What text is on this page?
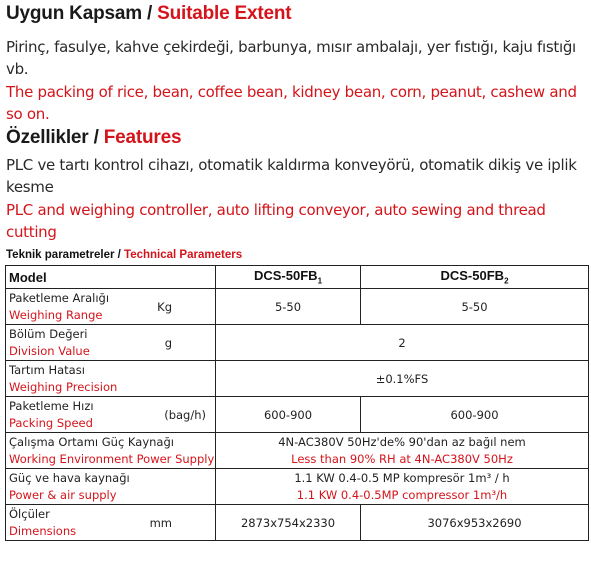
Uygun Kapsam / Suitable Extent
Pirinç, fasulye, kahve çekirdeği, barbunya, mısır ambalajı, yer fıstığı, kaju fıstığı vb.
The packing of rice, bean, coffee bean, kidney bean, corn, peanut, cashew and so on.
Özellikler / Features
PLC ve tartı kontrol cihazı, otomatik kaldırma konveyörü, otomatik dikiş ve iplik kesme
PLC and weighing controller, auto lifting conveyor, auto sewing and thread cutting
Teknik parametreler / Technical Parameters
Model	DCS-$50FB_1$	DCS-$50FB_2$

Paketleme Aralığı
Weighing Range
Kg	5-50	5-50

Bölüm Değeri
Division Value
g	2	

Tartım Hatası
Weighing Precision	±0.1%FS	

Paketleme Hızı
Packing Speed
(bag/h)	600-900	600-900

Çalışma Ortamı Güç Kaynağı
Working Environment Power Supply	4N-AC380V 50Hz'de% 90'dan az bağıl nem
Less than 90% RH at 4N-AC380V 50Hz	

Güç ve hava kaynağı
Power & air supply	1.1 KW 0.4-0.5 MP kompresör 1m³ / h
1.1 KW 0.4-0.5MP compressor 1m³/h	

Ölçüler
Dimensions
mm	2873x754x2330	3076x953x2690
